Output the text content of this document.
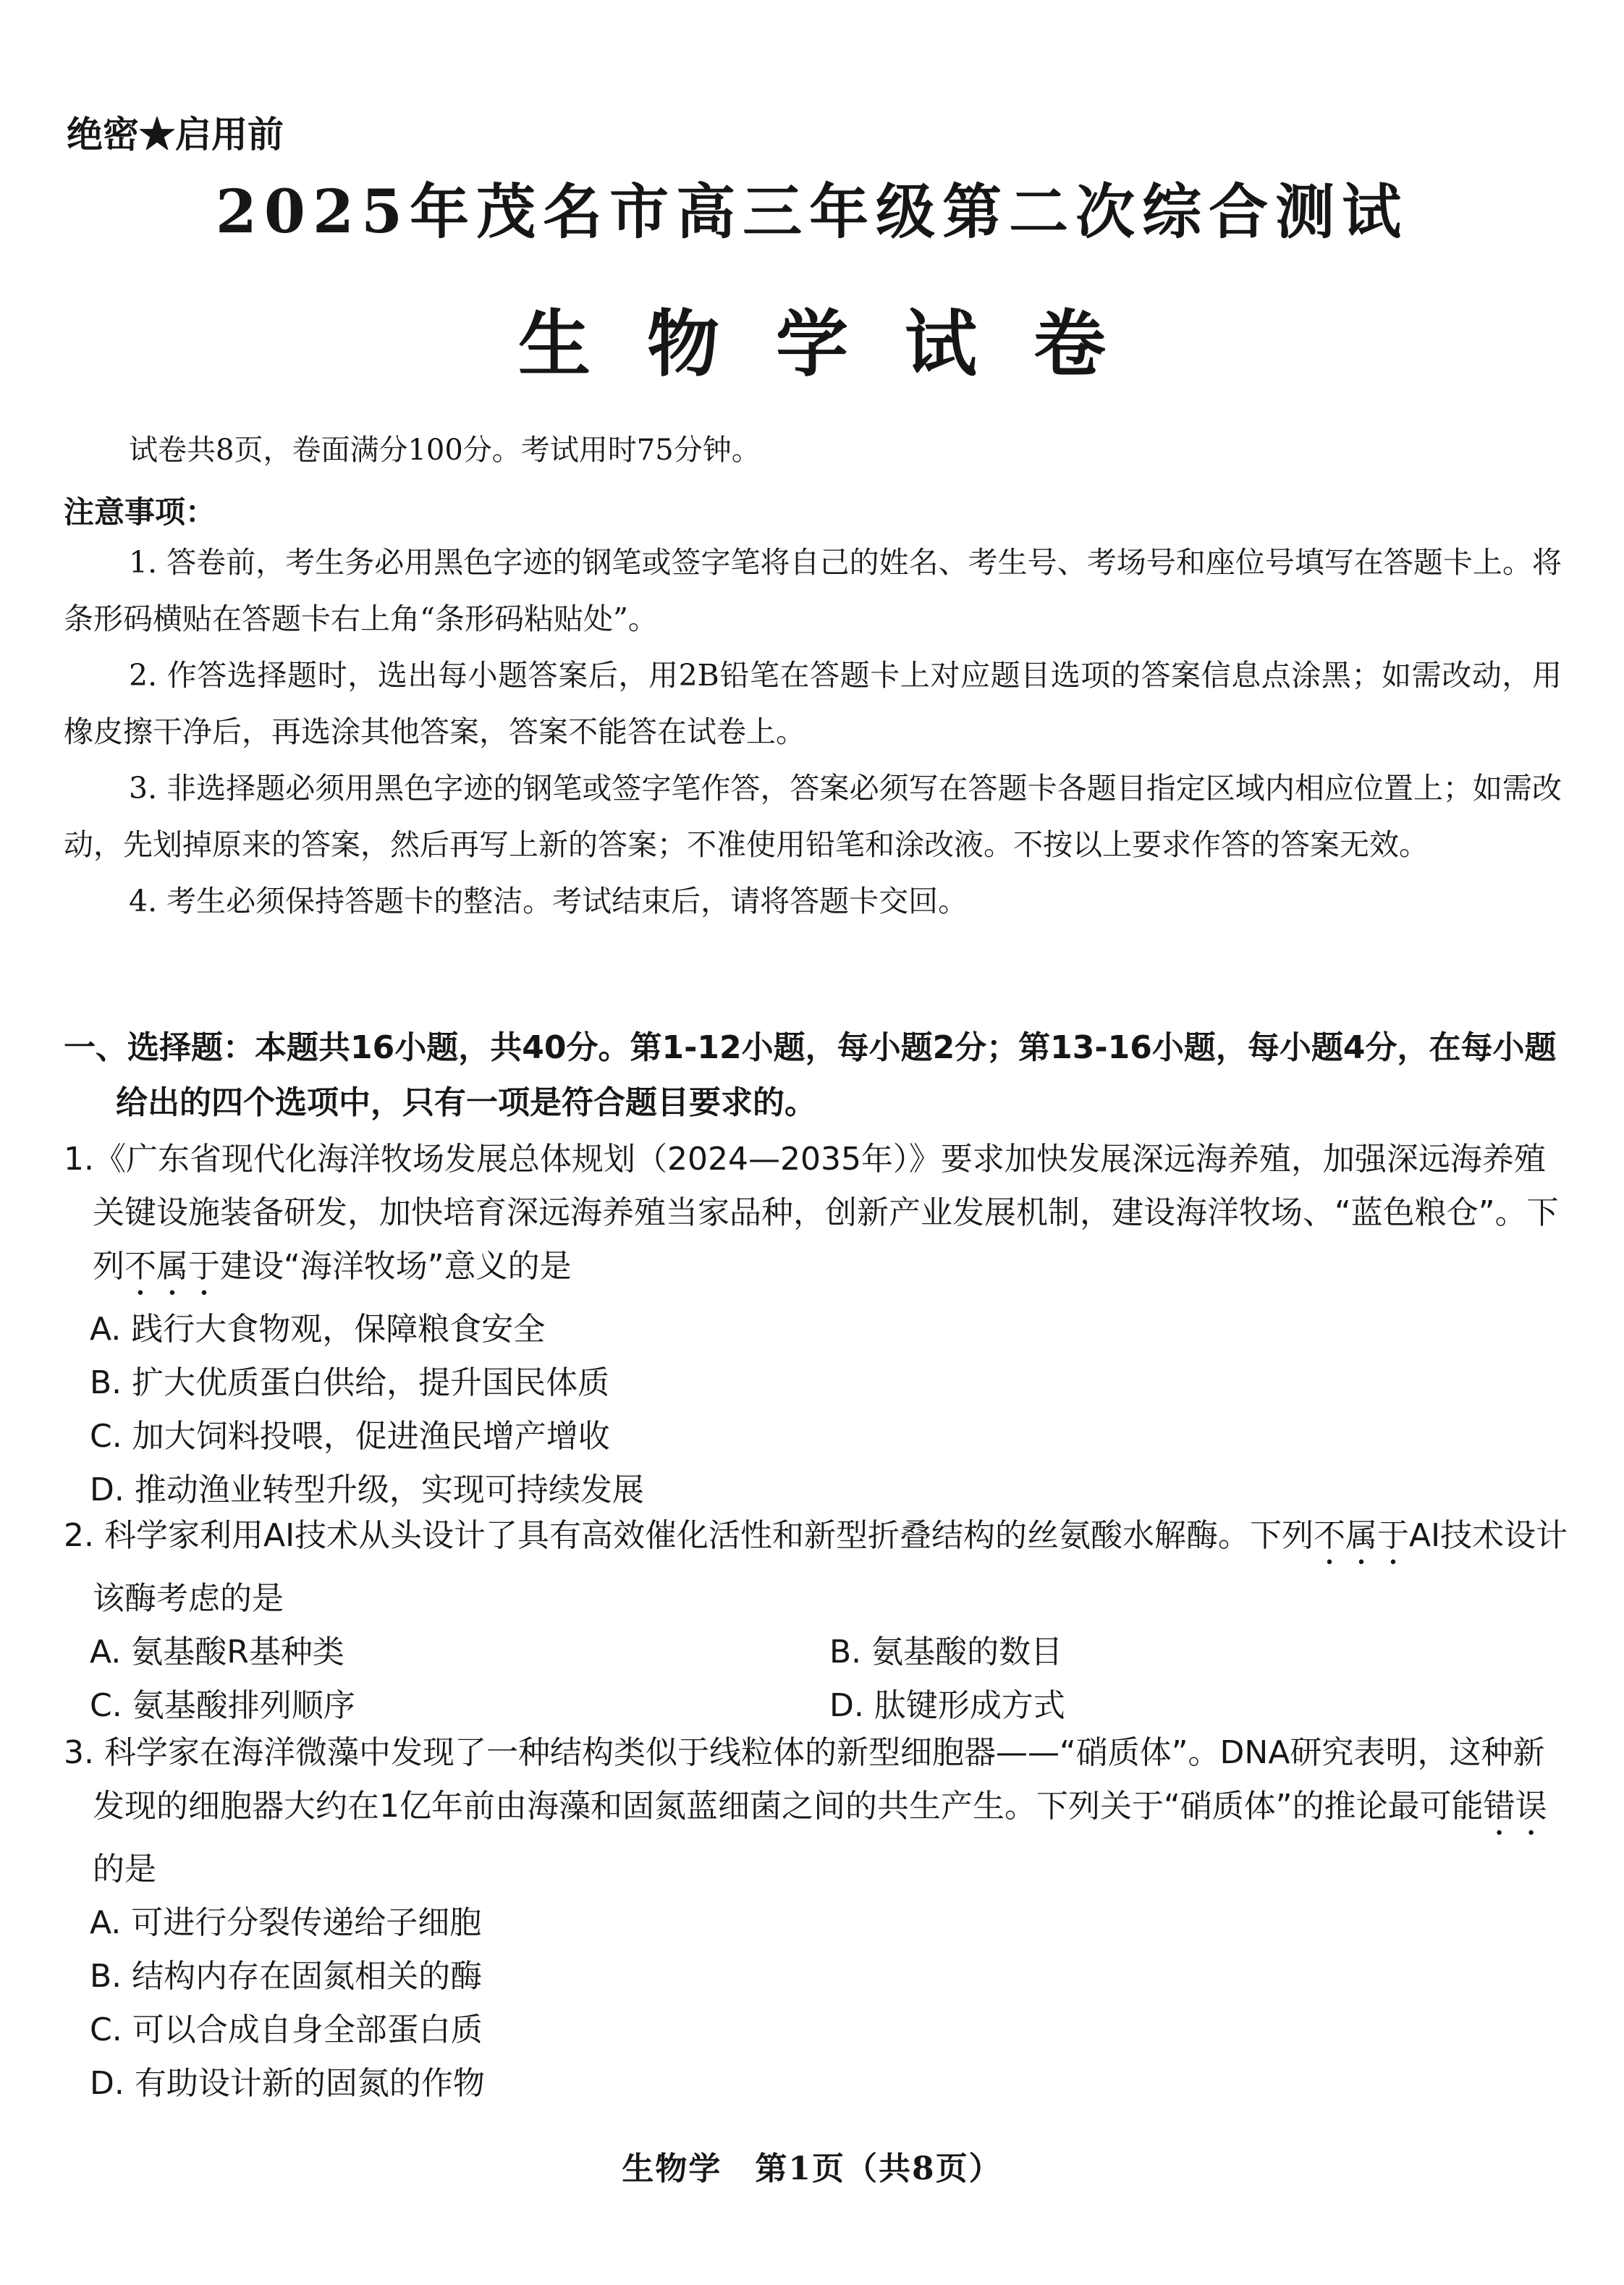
绝密★启用前
2025年茂名市高三年级第二次综合测试
生物学试卷
试卷共8页，卷面满分100分。考试用时75分钟。
注意事项：

1. 答卷前，考生务必用黑色字迹的钢笔或签字笔将自己的姓名、考生号、考场号和座位号填写在答题卡上。将条形码横贴在答题卡右上角“条形码粘贴处”。

2. 作答选择题时，选出每小题答案后，用2B铅笔在答题卡上对应题目选项的答案信息点涂黑；如需改动，用橡皮擦干净后，再选涂其他答案，答案不能答在试卷上。

3. 非选择题必须用黑色字迹的钢笔或签字笔作答，答案必须写在答题卡各题目指定区域内相应位置上；如需改动，先划掉原来的答案，然后再写上新的答案；不准使用铅笔和涂改液。不按以上要求作答的答案无效。

4. 考生必须保持答题卡的整洁。考试结束后，请将答题卡交回。

一、选择题：本题共16小题，共40分。第1-12小题，每小题2分；第13-16小题，每小题4分，在每小题给出的四个选项中，只有一项是符合题目要求的。

1.《广东省现代化海洋牧场发展总体规划（2024—2035年）》要求加快发展深远海养殖，加强深远海养殖关键设施装备研发，加快培育深远海养殖当家品种，创新产业发展机制，建设海洋牧场、“蓝色粮仓”。下列不属于建设“海洋牧场”意义的是

A. 践行大食物观，保障粮食安全

B. 扩大优质蛋白供给，提升国民体质

C. 加大饲料投喂，促进渔民增产增收

D. 推动渔业转型升级，实现可持续发展

2. 科学家利用AI技术从头设计了具有高效催化活性和新型折叠结构的丝氨酸水解酶。下列不属于AI技术设计该酶考虑的是

A. 氨基酸R基种类	B. 氨基酸的数目
C. 氨基酸排列顺序	D. 肽键形成方式

3. 科学家在海洋微藻中发现了一种结构类似于线粒体的新型细胞器——“硝质体”。DNA研究表明，这种新发现的细胞器大约在1亿年前由海藻和固氮蓝细菌之间的共生产生。下列关于“硝质体”的推论最可能错误的是

A. 可进行分裂传递给子细胞

B. 结构内存在固氮相关的酶

C. 可以合成自身全部蛋白质

D. 有助设计新的固氮的作物

生物学　第1页（共8页）
